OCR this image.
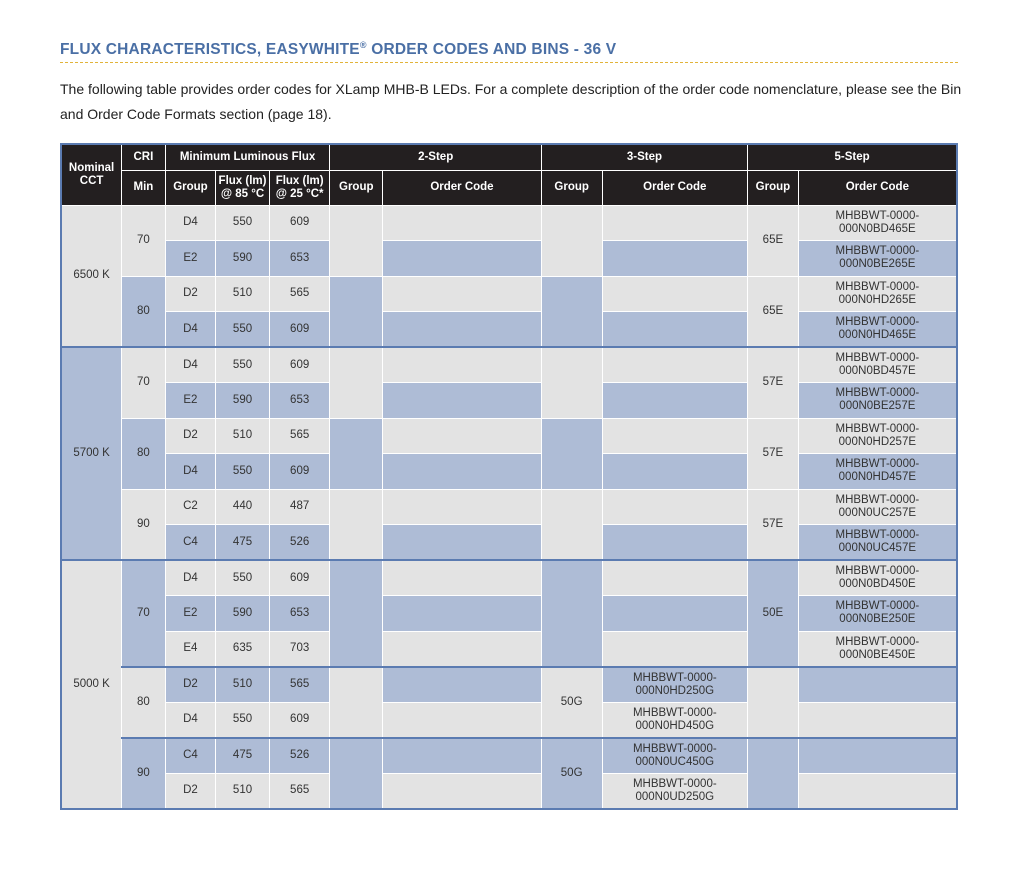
FLUX CHARACTERISTICS, EASYWHITE® ORDER CODES AND BINS - 36 V

The following table provides order codes for XLamp MHB-B LEDs. For a complete description of the order code nomenclature, please see the Bin and Order Code Formats section (page 18).

Nominal CCT	CRI	Minimum Luminous Flux			2-Step		3-Step		5-Step	
	Min	Group	Flux (lm) @ 85 °C	Flux (lm) @ 25 °C*	Group	Order Code	Group	Order Code	Group	Order Code
6500 K	70	D4	550	609					65E	MHBBWT-0000-000N0BD465E
		E2	590	653						MHBBWT-0000-000N0BE265E
	80	D2	510	565					65E	MHBBWT-0000-000N0HD265E
		D4	550	609						MHBBWT-0000-000N0HD465E
5700 K	70	D4	550	609					57E	MHBBWT-0000-000N0BD457E
		E2	590	653						MHBBWT-0000-000N0BE257E
	80	D2	510	565					57E	MHBBWT-0000-000N0HD257E
		D4	550	609						MHBBWT-0000-000N0HD457E
	90	C2	440	487					57E	MHBBWT-0000-000N0UC257E
		C4	475	526						MHBBWT-0000-000N0UC457E
5000 K	70	D4	550	609					50E	MHBBWT-0000-000N0BD450E
		E2	590	653						MHBBWT-0000-000N0BE250E
		E4	635	703						MHBBWT-0000-000N0BE450E
	80	D2	510	565			50G	MHBBWT-0000-000N0HD250G		
		D4	550	609				MHBBWT-0000-000N0HD450G		
	90	C4	475	526			50G	MHBBWT-0000-000N0UC450G		
		D2	510	565				MHBBWT-0000-000N0UD250G		
